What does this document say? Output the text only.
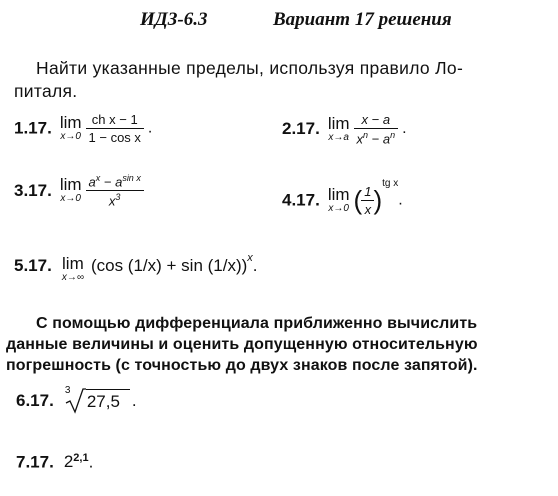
ИДЗ-6.3	Вариант 17 решения
Найти указанные пределы, используя правило Ло-
питаля.
1.17. lim
x→0
$\frac{\text{ch x − 1}}{\text{1 − cos x}}$ .	2.17. lim
x→a
$\frac{x - a}{x^n - a^n}$ .
3.17. lim
x→0
$\frac{a^x - a^{sin x}}{x^3}$	4.17. lim
x→0 ( $\frac{1}{x} )^{tg x}$.
5.17. lim
x→∞
(cos (1/x) + sin (1/x))$^x$.
С помощью дифференциала приближенно вычислить
данные величины и оценить допущенную относительную
погрешность (с точностью до двух знаков после запятой).
6.17.
3
27,5 .
7.17. 2$^{2,1}$.
